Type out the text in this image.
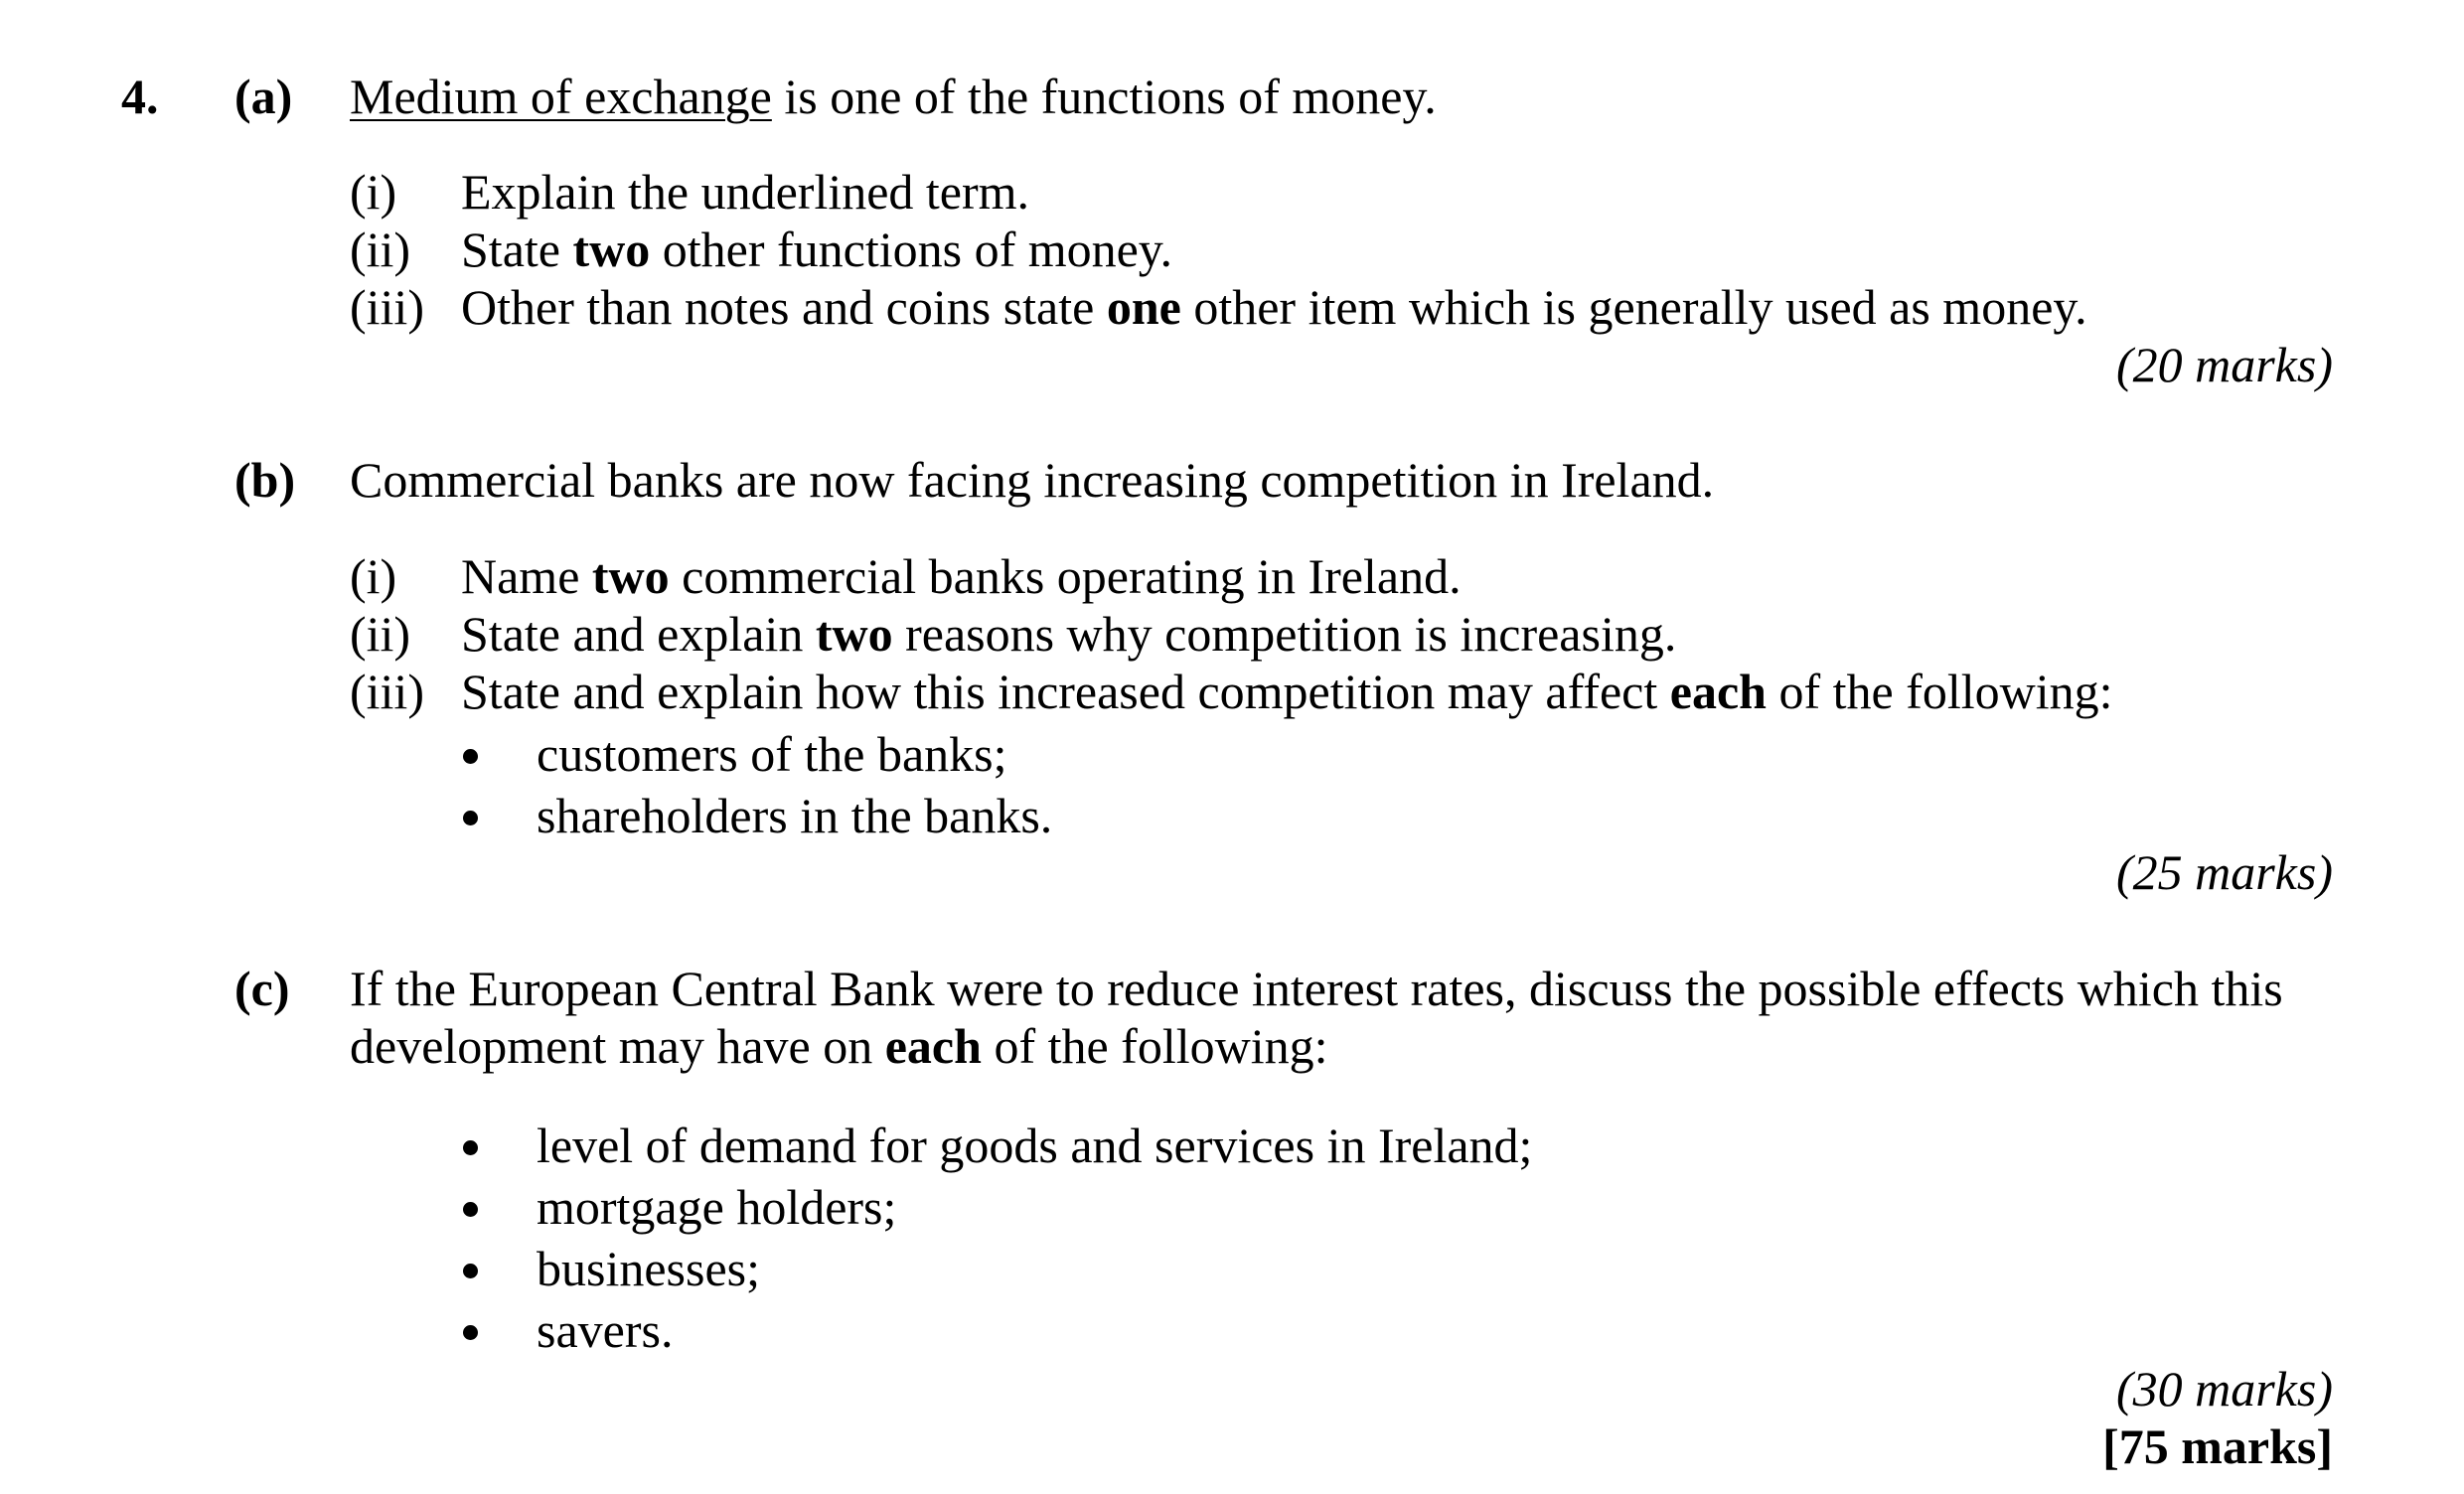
4. (a) Medium of exchange is one of the functions of money.
(i) Explain the underlined term.
(ii) State two other functions of money.
(iii) Other than notes and coins state one other item which is generally used as money.
(20 marks)
(b) Commercial banks are now facing increasing competition in Ireland.
(i) Name two commercial banks operating in Ireland.
(ii) State and explain two reasons why competition is increasing.
(iii) State and explain how this increased competition may affect each of the following:
customers of the banks;
shareholders in the banks.
(25 marks)
(c) If the European Central Bank were to reduce interest rates, discuss the possible effects which this
development may have on each of the following:
level of demand for goods and services in Ireland;
mortgage holders;
businesses;
savers.
(30 marks)
[75 marks]
